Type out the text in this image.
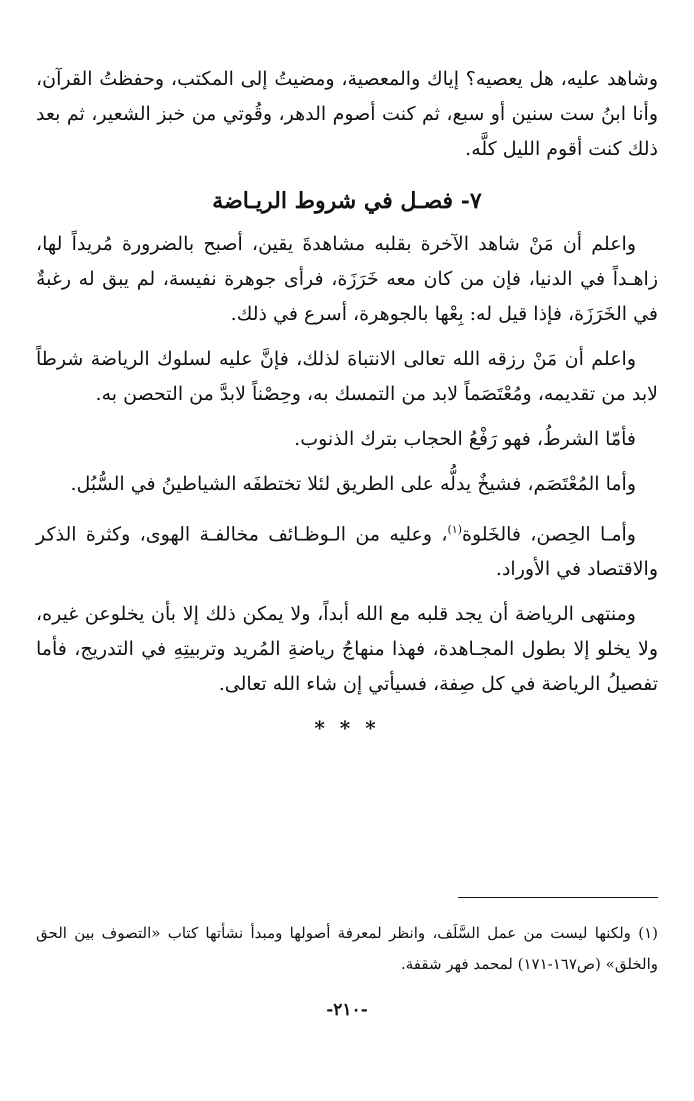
وشاهد عليه، هل يعصيه؟ إياك والمعصية، ومضيتُ إلى المكتب، وحفظتُ القرآن، وأنا ابنُ ست سنين أو سبع، ثم كنت أصوم الدهر، وقُوتي من خبز الشعير، ثم بعد ذلك كنت أقوم الليل كلَّه.

٧- فصـل في شروط الريـاضة

واعلم أن مَنْ شاهد الآخرة بقلبه مشاهدةَ يقين، أصبح بالضرورة مُريداً لها، زاهـداً في الدنيا، فإن من كان معه خَرَزَة، فرأى جوهرة نفيسة، لم يبق له رغبةٌ في الخَرَزَة، فإذا قيل له: بِعْها بالجوهرة، أسرع في ذلك.

واعلم أن مَنْ رزقه الله تعالى الانتباهَ لذلك، فإنَّ عليه لسلوك الرياضة شرطاً لابد من تقديمه، ومُعْتَصَماً لابد من التمسك به، وحِصْناً لابدَّ من التحصن به.

فأمّا الشرطُ، فهو رَفْعُ الحجاب بترك الذنوب.

وأما المُعْتَصَم، فشيخٌ يدلُّه على الطريق لئلا تختطفَه الشياطينُ في السُّبُل.

وأمـا الحِصن، فالخَلوة$^{(١)}$، وعليه من الـوظـائف مخالفـة الهوى، وكثرة الذكر والاقتصاد في الأوراد.

ومنتهى الرياضة أن يجد قلبه مع الله أبداً، ولا يمكن ذلك إلا بأن يخلوعن غيره، ولا يخلو إلا بطول المجـاهدة، فهذا منهاجُ رياضةِ المُريد وتربيتِهِ في التدريج، فأما تفصيلُ الرياضة في كل صِفة، فسيأتي إن شاء الله تعالى.

* * *
(١) ولكنها ليست من عمل السَّلَف، وانظر لمعرفة أصولها ومبدأ نشأتها كتاب «التصوف بين الحق والخلق» (ص١٦٧-١٧١) لمحمد فهر شقفة.
-٢١٠-
